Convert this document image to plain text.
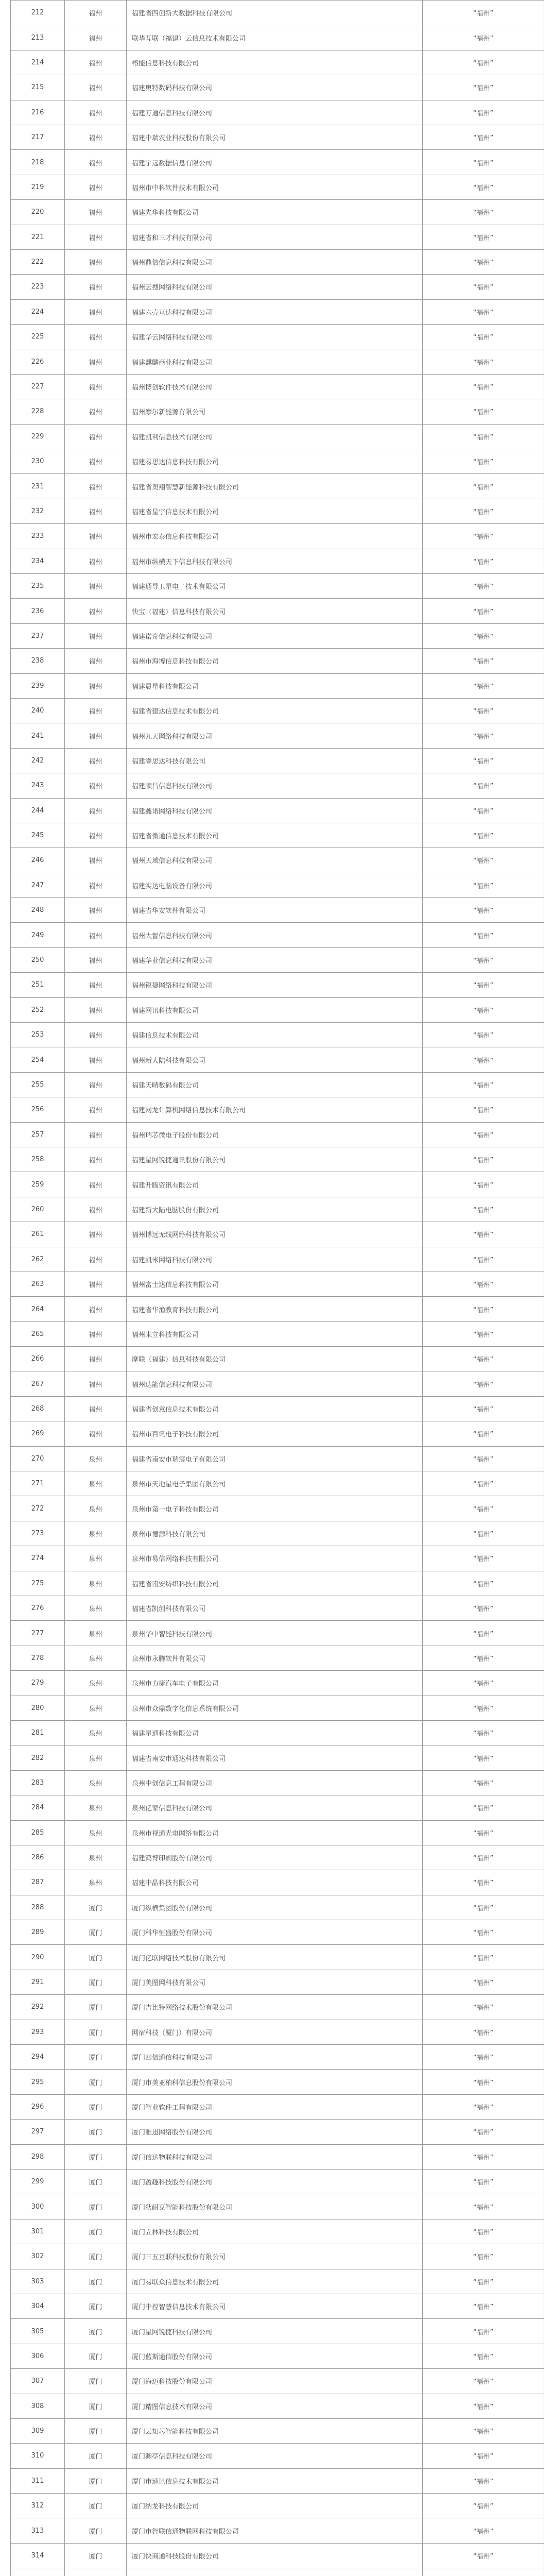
212	福州	福建省四创新大数据科技有限公司	“福州”
213	福州	联华互联（福建）云信息技术有限公司	“福州”
214	福州	榕能信息科技有限公司	“福州”
215	福州	福建奥特数码科技有限公司	“福州”
216	福州	福建万通信息科技有限公司	“福州”
217	福州	福建中瑞农业科技股份有限公司	“福州”
218	福州	福建宇远数据信息有限公司	“福州”
219	福州	福州市中科软件技术有限公司	“福州”
220	福州	福建先华科技有限公司	“福州”
221	福州	福建省和三才科技有限公司	“福州”
222	福州	福州鼎信信息科技有限公司	“福州”
223	福州	福州云搜网络科技有限公司	“福州”
224	福州	福建六壳互达科技有限公司	“福州”
225	福州	福建华云网络科技有限公司	“福州”
226	福州	福建麒麟商业科技有限公司	“福州”
227	福州	福州博创软件技术有限公司	“福州”
228	福州	福州摩尔新能源有限公司	“福州”
229	福州	福建凯利信息技术有限公司	“福州”
230	福州	福建易思达信息科技有限公司	“福州”
231	福州	福建省奥翔智慧新能源科技有限公司	“福州”
232	福州	福建省星宇信息技术有限公司	“福州”
233	福州	福州市宏泰信息科技有限公司	“福州”
234	福州	福州市纵横天下信息科技有限公司	“福州”
235	福州	福建通导卫星电子技术有限公司	“福州”
236	福州	快宝（福建）信息科技有限公司	“福州”
237	福州	福建诺奇信息科技有限公司	“福州”
238	福州	福州市海博信息科技有限公司	“福州”
239	福州	福建晨星科技有限公司	“福州”
240	福州	福建省建达信息技术有限公司	“福州”
241	福州	福州九天网络科技有限公司	“福州”
242	福州	福建睿思达科技有限公司	“福州”
243	福州	福建顺昌信息科技有限公司	“福州”
244	福州	福建鑫诺网络科技有限公司	“福州”
245	福州	福建省微通信息技术有限公司	“福州”
246	福州	福州天域信息科技有限公司	“福州”
247	福州	福建实达电脑设备有限公司	“福州”
248	福州	福建省华安软件有限公司	“福州”
249	福州	福州大智信息科技有限公司	“福州”
250	福州	福建华业信息科技有限公司	“福州”
251	福州	福州锐捷网络科技有限公司	“福州”
252	福州	福建网讯科技有限公司	“福州”
253	福州	福建信息技术有限公司	“福州”
254	福州	福州新大陆科技有限公司	“福州”
255	福州	福建天晴数码有限公司	“福州”
256	福州	福建网龙计算机网络信息技术有限公司	“福州”
257	福州	福州瑞芯微电子股份有限公司	“福州”
258	福州	福建星网锐捷通讯股份有限公司	“福州”
259	福州	福建升腾资讯有限公司	“福州”
260	福州	福建新大陆电脑股份有限公司	“福州”
261	福州	福州博远无线网络科技有限公司	“福州”
262	福州	福建凯米网络科技有限公司	“福州”
263	福州	福州富士达信息科技有限公司	“福州”
264	福州	福建省华渔教育科技有限公司	“福州”
265	福州	福州米立科技有限公司	“福州”
266	福州	摩联（福建）信息科技有限公司	“福州”
267	福州	福州达能信息科技有限公司	“福州”
268	福州	福建省创意信息技术有限公司	“福州”
269	福州	福州市百讯电子科技有限公司	“福州”
270	泉州	福建省南安市瑞宸电子有限公司	“福州”
271	泉州	泉州市天地星电子集团有限公司	“福州”
272	泉州	泉州市第一电子科技有限公司	“福州”
273	泉州	泉州市德源科技有限公司	“福州”
274	泉州	泉州市易信网络科技有限公司	“福州”
275	泉州	福建省南安纺织科技有限公司	“福州”
276	泉州	福建省凯创科技有限公司	“福州”
277	泉州	泉州华中智能科技有限公司	“福州”
278	泉州	泉州市永腾软件有限公司	“福州”
279	泉州	泉州市力捷汽车电子有限公司	“福州”
280	泉州	泉州市众鼎数字化信息系统有限公司	“福州”
281	泉州	福建星通科技有限公司	“福州”
282	泉州	福建省南安市通达科技有限公司	“福州”
283	泉州	泉州中创信息工程有限公司	“福州”
284	泉州	泉州亿家信息科技有限公司	“福州”
285	泉州	泉州市视通光电网络有限公司	“福州”
286	泉州	福建鸿博印刷股份有限公司	“福州”
287	泉州	福建中晶科技有限公司	“福州”
288	厦门	厦门纵横集团股份有限公司	“福州”
289	厦门	厦门科华恒盛股份有限公司	“福州”
290	厦门	厦门亿联网络技术股份有限公司	“福州”
291	厦门	厦门美图网科技有限公司	“福州”
292	厦门	厦门吉比特网络技术股份有限公司	“福州”
293	厦门	网宿科技（厦门）有限公司	“福州”
294	厦门	厦门四信通信科技有限公司	“福州”
295	厦门	厦门市美亚柏科信息股份有限公司	“福州”
296	厦门	厦门智业软件工程有限公司	“福州”
297	厦门	厦门雅迅网络股份有限公司	“福州”
298	厦门	厦门信达物联科技有限公司	“福州”
299	厦门	厦门盈趣科技股份有限公司	“福州”
300	厦门	厦门狄耐克智能科技股份有限公司	“福州”
301	厦门	厦门立林科技有限公司	“福州”
302	厦门	厦门三五互联科技股份有限公司	“福州”
303	厦门	厦门易联众信息技术有限公司	“福州”
304	厦门	厦门中控智慧信息技术有限公司	“福州”
305	厦门	厦门星网锐捷科技有限公司	“福州”
306	厦门	厦门蓝斯通信股份有限公司	“福州”
307	厦门	厦门海迈科技股份有限公司	“福州”
308	厦门	厦门精图信息技术有限公司	“福州”
309	厦门	厦门云知芯智能科技有限公司	“福州”
310	厦门	厦门渊亭信息科技有限公司	“福州”
311	厦门	厦门市速讯信息技术有限公司	“福州”
312	厦门	厦门纳龙科技有限公司	“福州”
313	厦门	厦门市智联信通物联网科技有限公司	“福州”
314	厦门	厦门快商通科技股份有限公司	“福州”
